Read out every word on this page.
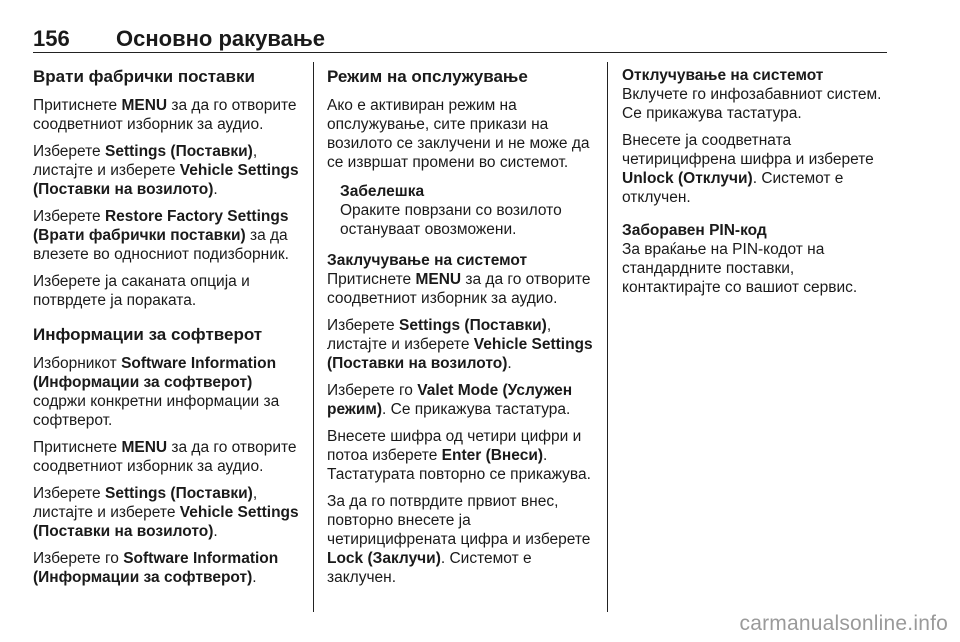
156 Основно ракување
Врати фабрички поставки

Притиснете MENU за да го отворите соодветниот изборник за аудио.

Изберете Settings (Поставки), листајте и изберете Vehicle Settings (Поставки на возилото).

Изберете Restore Factory Settings (Врати фабрички поставки) за да влезете во односниот подизборник.

Изберете ја саканата опција и потврдете ја пораката.

Информации за софтверот

Изборникот Software Information (Информации за софтверот) содржи конкретни информации за софтверот.

Притиснете MENU за да го отворите соодветниот изборник за аудио.

Изберете Settings (Поставки), листајте и изберете Vehicle Settings (Поставки на возилото).

Изберете го Software Information (Информации за софтверот).

Режим на опслужување

Ако е активиран режим на опслужување, сите прикази на возилото се заклучени и не може да се извршат промени во системот.

Забелешка
Ораките поврзани со возилото остануваат овозможени.
Заклучување на системот

Притиснете MENU за да го отворите соодветниот изборник за аудио.

Изберете Settings (Поставки), листајте и изберете Vehicle Settings (Поставки на возилото).

Изберете го Valet Mode (Услужен режим). Се прикажува тастатура.

Внесете шифра од четири цифри и потоа изберете Enter (Внеси). Тастатурата повторно се прикажува.

За да го потврдите првиот внес, повторно внесете ја четирицифрената цифра и изберете Lock (Заклучи). Системот е заклучен.

Отклучување на системот

Вклучете го инфозабавниот систем. Се прикажува тастатура.

Внесете ја соодветната четирицифрена шифра и изберете Unlock (Отклучи). Системот е отклучен.

Заборавен PIN-код

За враќање на PIN-кодот на стандардните поставки, контактирајте со вашиот сервис.

carmanualsonline.info
